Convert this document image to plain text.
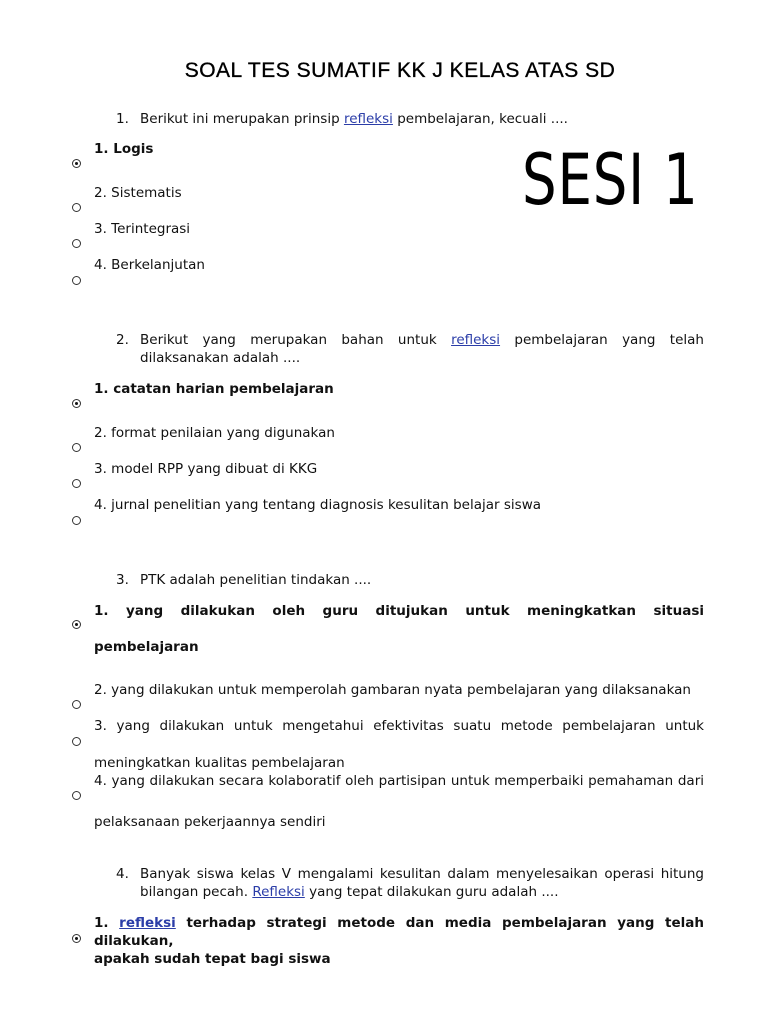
SOAL TES SUMATIF KK J KELAS ATAS SD
SESI 1
1. Berikut ini merupakan prinsip refleksi pembelajaran, kecuali ....
1. Logis
2. Sistematis
3. Terintegrasi
4. Berkelanjutan
2. Berikut yang merupakan bahan untuk refleksi pembelajaran yang telah dilaksanakan adalah ....
1. catatan harian pembelajaran
2. format penilaian yang digunakan
3. model RPP yang dibuat di KKG
4. jurnal penelitian yang tentang diagnosis kesulitan belajar siswa
3. PTK adalah penelitian tindakan ....
1. yang dilakukan oleh guru ditujukan untuk meningkatkan situasi
pembelajaran
2. yang dilakukan untuk memperolah gambaran nyata pembelajaran yang dilaksanakan
3. yang dilakukan untuk mengetahui efektivitas suatu metode pembelajaran untuk
meningkatkan kualitas pembelajaran
4. yang dilakukan secara kolaboratif oleh partisipan untuk memperbaiki pemahaman dari
pelaksanaan pekerjaannya sendiri
4. Banyak siswa kelas V mengalami kesulitan dalam menyelesaikan operasi hitung bilangan pecah. Refleksi yang tepat dilakukan guru adalah ....
1. refleksi terhadap strategi metode dan media pembelajaran yang telah dilakukan,
apakah sudah tepat bagi siswa
